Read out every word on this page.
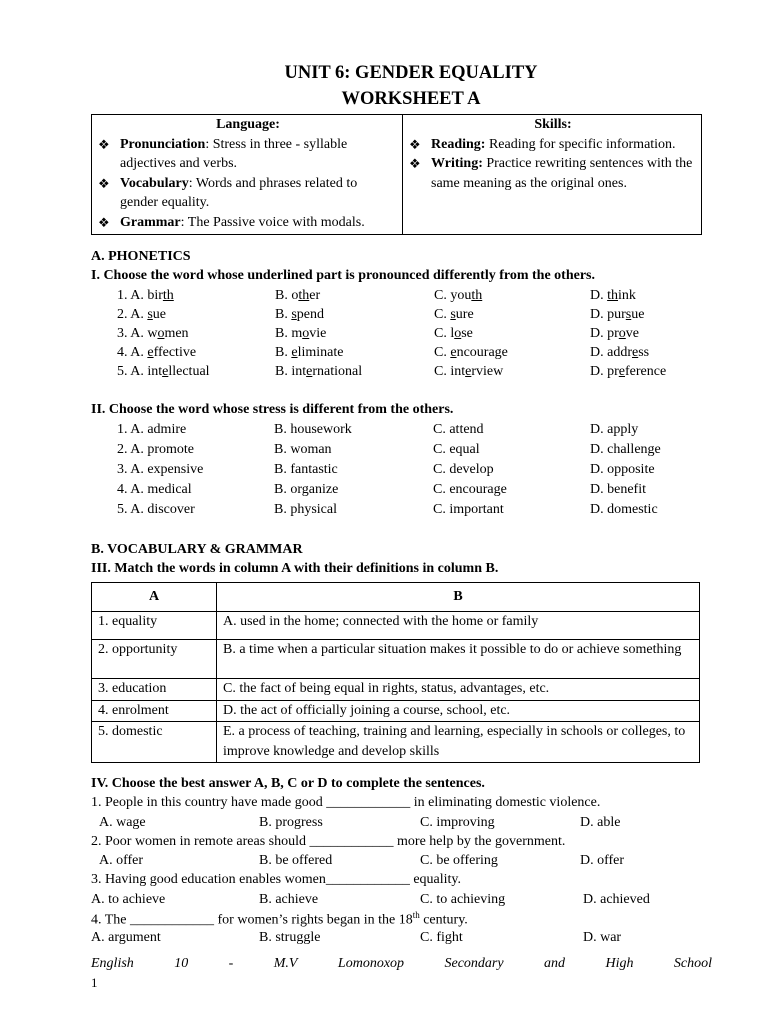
UNIT 6: GENDER EQUALITY
WORKSHEET A
Language:
❖ Pronunciation: Stress in three - syllable adjectives and verbs.
❖ Vocabulary: Words and phrases related to gender equality.
❖ Grammar: The Passive voice with modals.

Skills:
❖ Reading: Reading for specific information.
❖ Writing: Practice rewriting sentences with the same meaning as the original ones.
A. PHONETICS
I. Choose the word whose underlined part is pronounced differently from the others.
1. A. birth	B. other	C. youth	D. think
2. A. sue	B. spend	C. sure	D. pursue
3. A. women	B. movie	C. lose	D. prove
4. A. effective	B. eliminate	C. encourage	D. address
5. A. intellectual	B. international	C. interview	D. preference
II. Choose the word whose stress is different from the others.
1. A. admire	B. housework	C. attend	D. apply
2. A. promote	B. woman	C. equal	D. challenge
3. A. expensive	B. fantastic	C. develop	D. opposite
4. A. medical	B. organize	C. encourage	D. benefit
5. A. discover	B. physical	C. important	D. domestic
B. VOCABULARY & GRAMMAR
III. Match the words in column A with their definitions in column B.
A	B
1. equality	A. used in the home; connected with the home or family
2. opportunity	B. a time when a particular situation makes it possible to do or achieve something
3. education	C. the fact of being equal in rights, status, advantages, etc.
4. enrolment	D. the act of officially joining a course, school, etc.
5. domestic	E. a process of teaching, training and learning, especially in schools or colleges, to improve knowledge and develop skills
IV. Choose the best answer A, B, C or D to complete the sentences.
1. People in this country have made good ____________ in eliminating domestic violence.
A. wage	B. progress	C. improving	D. able
2. Poor women in remote areas should ____________ more help by the government.
A. offer	B. be offered	C. be offering	D. offer
3. Having good education enables women____________ equality.
A. to achieve	B. achieve	C. to achieving	D. achieved
4. The ____________ for women’s rights began in the 18th century.
A. argument	B. struggle	C. fight	D. war
English	10	-	M.V	Lomonoxop	Secondary	and	High	School
1
